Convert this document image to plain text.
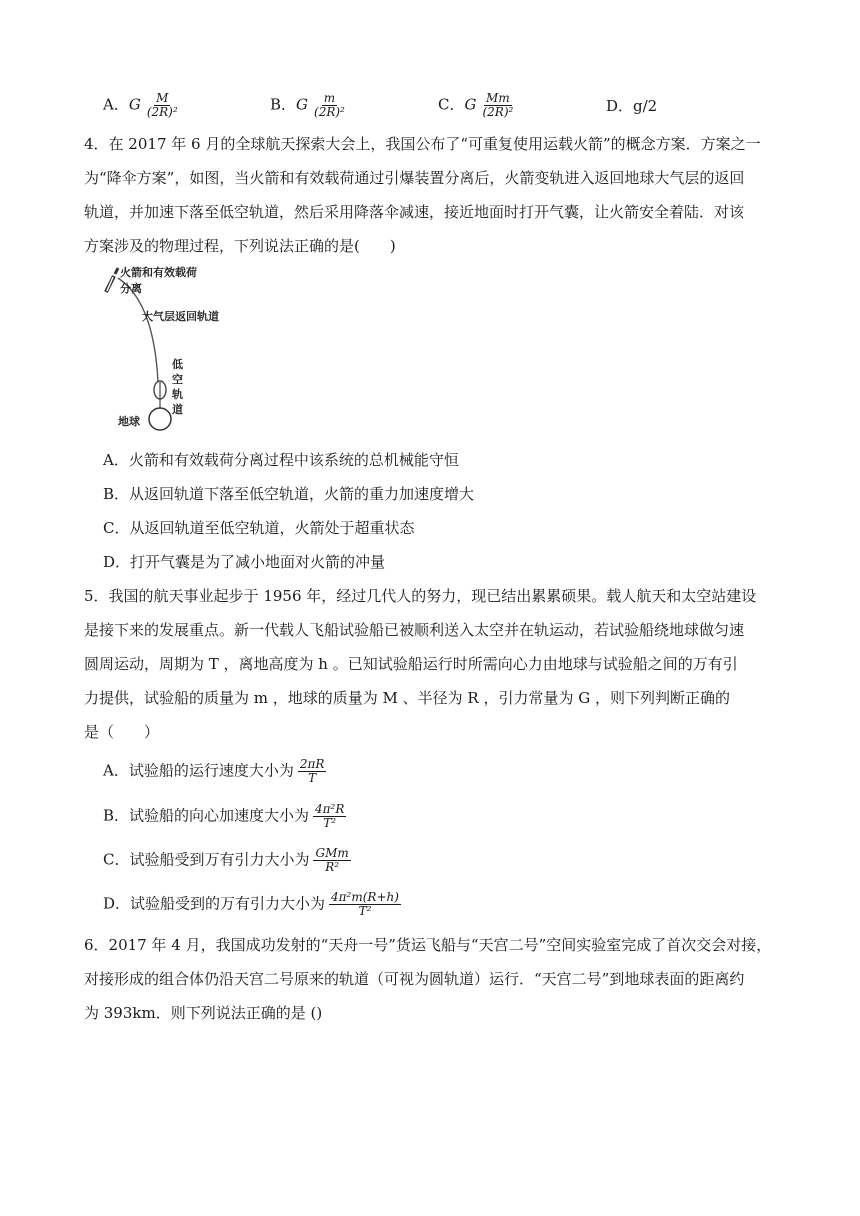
A．G $\frac{M}{\text{(2R)²}}$	B．G $\frac{m}{\text{(2R)²}}$	C．G $\frac{Mm}{\text{(2R)²}}$	D．g/2
4．在 2017 年 6 月的全球航天探索大会上，我国公布了“可重复使用运载火箭”的概念方案．方案之一
为“降伞方案”，如图，当火箭和有效载荷通过引爆装置分离后，火箭变轨进入返回地球大气层的返回
轨道，并加速下落至低空轨道，然后采用降落伞减速，接近地面时打开气囊，让火箭安全着陆．对该
方案涉及的物理过程，下列说法正确的是(　　)
火箭和有效载荷
分离
大气层返回轨道
低
空
轨
道
地球
A．火箭和有效载荷分离过程中该系统的总机械能守恒
B．从返回轨道下落至低空轨道，火箭的重力加速度增大
C．从返回轨道至低空轨道，火箭处于超重状态
D．打开气囊是为了减小地面对火箭的冲量
5．我国的航天事业起步于 1956 年，经过几代人的努力，现已结出累累硕果。载人航天和太空站建设
是接下来的发展重点。新一代载人飞船试验船已被顺利送入太空并在轨运动，若试验船绕地球做匀速
圆周运动，周期为 T ，离地高度为 h 。已知试验船运行时所需向心力由地球与试验船之间的万有引
力提供，试验船的质量为 m ，地球的质量为 M 、半径为 R ，引力常量为 G ，则下列判断正确的
是（　　）
A．试验船的运行速度大小为 $\frac{2\pi R}{T}$
B．试验船的向心加速度大小为 $\frac{\text{4π²R}}{\text{T²}}$
C．试验船受到万有引力大小为 $\frac{\text{GMm}}{\text{R²}}$
D．试验船受到的万有引力大小为 $\frac{\text{4π²m(R+h)}}{\text{T²}}$
6．2017 年 4 月，我国成功发射的“天舟一号”货运飞船与“天宫二号”空间实验室完成了首次交会对接，
对接形成的组合体仍沿天宫二号原来的轨道（可视为圆轨道）运行．“天宫二号”到地球表面的距离约
为 393km．则下列说法正确的是 ()
